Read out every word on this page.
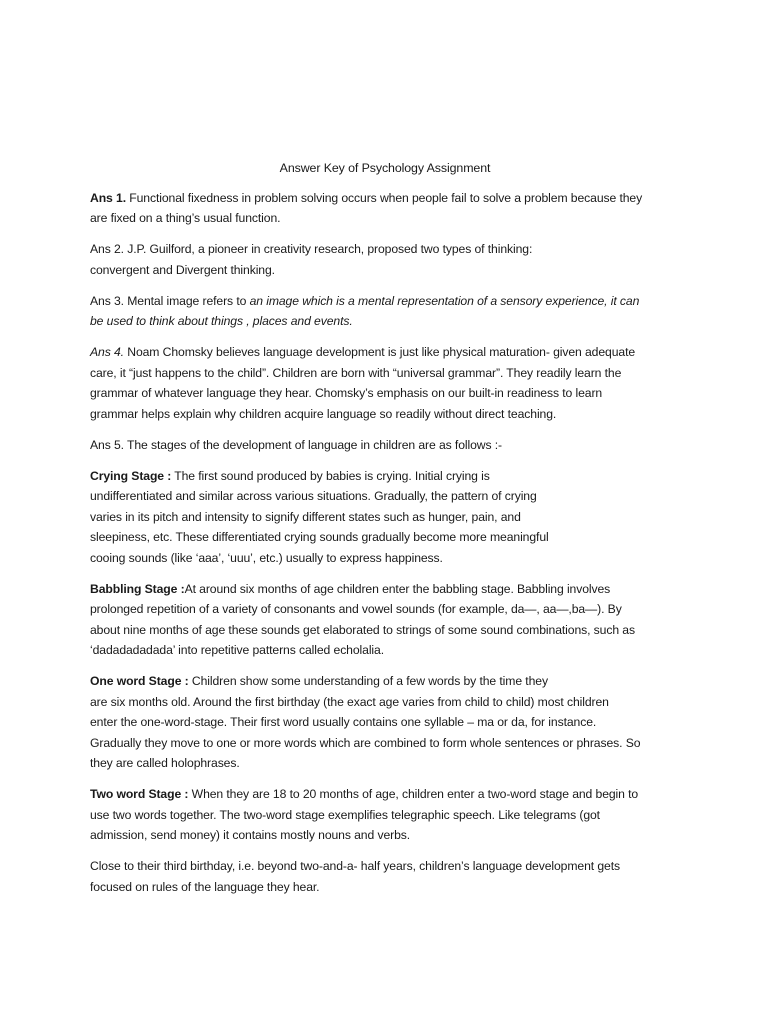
Answer Key of Psychology Assignment
Ans 1. Functional fixedness in problem solving occurs when people fail to solve a problem because they
are fixed on a thing’s usual function.
Ans 2. J.P. Guilford, a pioneer in creativity research, proposed two types of thinking:
convergent and Divergent thinking.
Ans 3. Mental image refers to an image which is a mental representation of a sensory experience, it can
be used to think about things , places and events.
Ans 4. Noam Chomsky believes language development is just like physical maturation- given adequate
care, it “just happens to the child”. Children are born with “universal grammar”. They readily learn the
grammar of whatever language they hear. Chomsky’s emphasis on our built-in readiness to learn
grammar helps explain why children acquire language so readily without direct teaching.
Ans 5. The stages of the development of language in children are as follows :-
Crying Stage : The first sound produced by babies is crying. Initial crying is
undifferentiated and similar across various situations. Gradually, the pattern of crying
varies in its pitch and intensity to signify different states such as hunger, pain, and
sleepiness, etc. These differentiated crying sounds gradually become more meaningful
cooing sounds (like ‘aaa’, ‘uuu’, etc.) usually to express happiness.
Babbling Stage :At around six months of age children enter the babbling stage. Babbling involves
prolonged repetition of a variety of consonants and vowel sounds (for example, da—, aa—,ba—). By
about nine months of age these sounds get elaborated to strings of some sound combinations, such as
‘dadadadadada’ into repetitive patterns called echolalia.
One word Stage : Children show some understanding of a few words by the time they
are six months old. Around the first birthday (the exact age varies from child to child) most children
enter the one-word-stage. Their first word usually contains one syllable – ma or da, for instance.
Gradually they move to one or more words which are combined to form whole sentences or phrases. So
they are called holophrases.
Two word Stage : When they are 18 to 20 months of age, children enter a two-word stage and begin to
use two words together. The two-word stage exemplifies telegraphic speech. Like telegrams (got
admission, send money) it contains mostly nouns and verbs.
Close to their third birthday, i.e. beyond two-and-a- half years, children’s language development gets
focused on rules of the language they hear.
